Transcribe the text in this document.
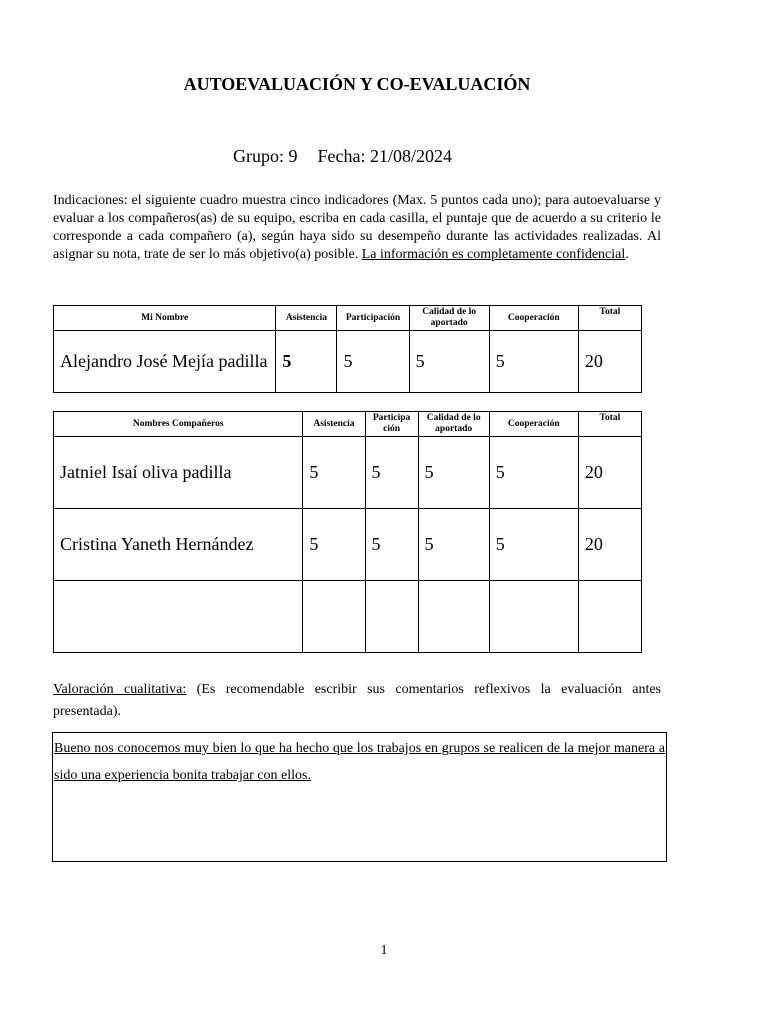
AUTOEVALUACIÓN Y CO-EVALUACIÓN
Grupo: 9 Fecha: 21/08/2024
Indicaciones: el siguiente cuadro muestra cinco indicadores (Max. 5 puntos cada uno); para autoevaluarse y evaluar a los compañeros(as) de su equipo, escriba en cada casilla, el puntaje que de acuerdo a su criterio le corresponde a cada compañero (a), según haya sido su desempeño durante las actividades realizadas. Al asignar su nota, trate de ser lo más objetivo(a) posible. La información es completamente confidencial.
Mi Nombre	Asistencia	Participación	Calidad de lo aportado	Cooperación	Total
Alejandro José Mejía padilla	5	5	5	5	20
Nombres Compañeros	Asistencia	Participa ción	Calidad de lo aportado	Cooperación	Total
Jatniel Isaí oliva padilla	5	5	5	5	20
Cristina Yaneth Hernández	5	5	5	5	20

Valoración cualitativa: (Es recomendable escribir sus comentarios reflexivos la evaluación antes presentada).
Bueno nos conocemos muy bien lo que ha hecho que los trabajos en grupos se realicen de la mejor manera a sido una experiencia bonita trabajar con ellos.
1
